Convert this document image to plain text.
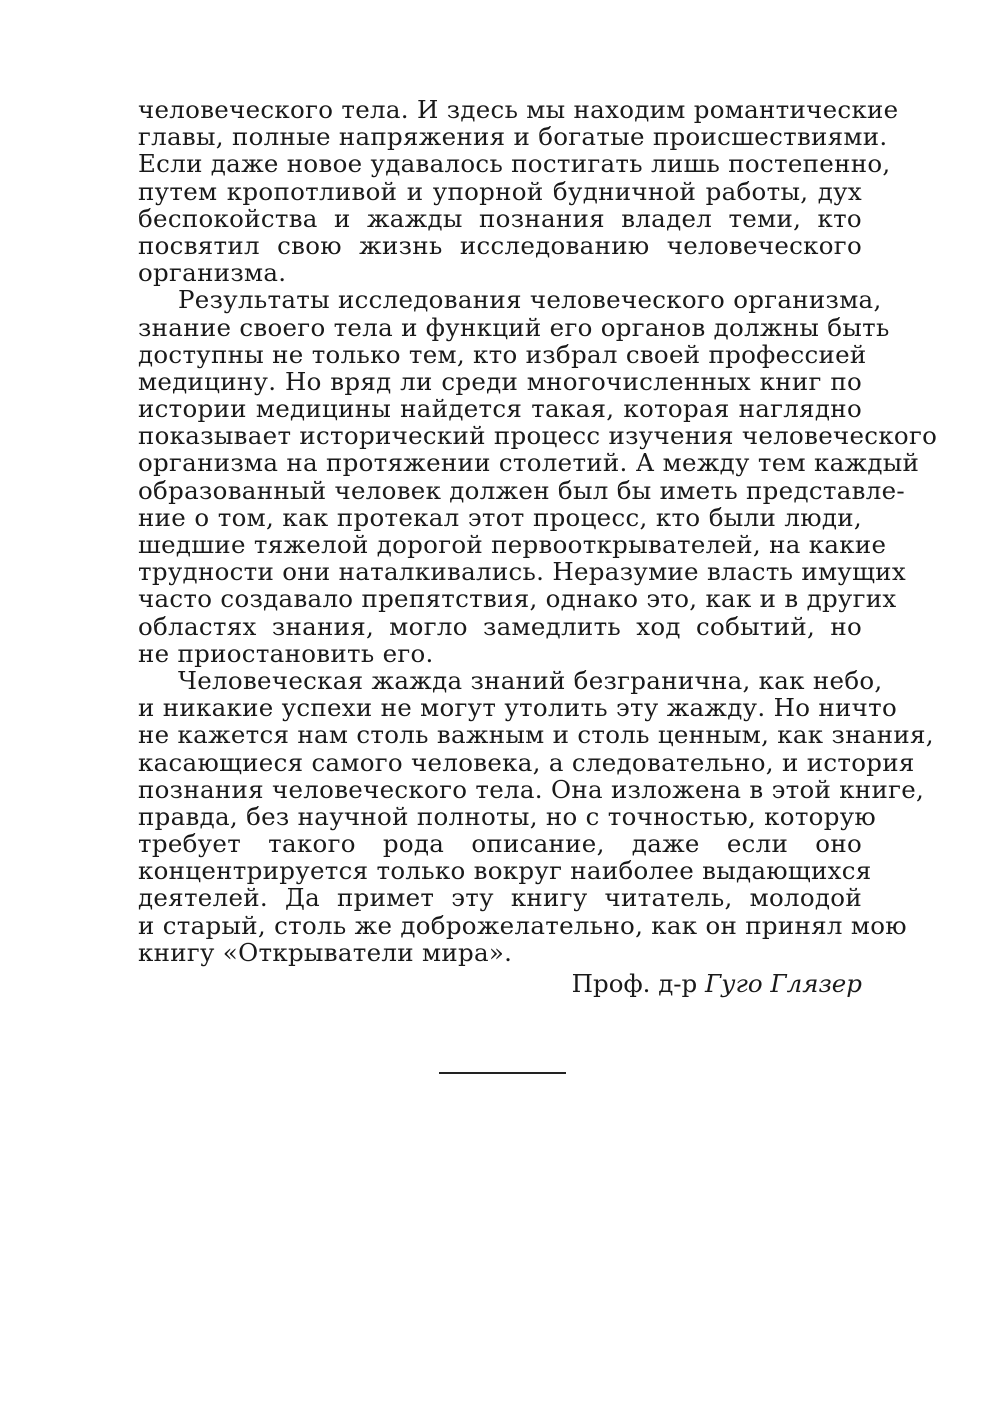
человеческого тела. И здесь мы находим романтические
главы, полные напряжения и богатые происшествиями.
Если даже новое удавалось постигать лишь постепенно,
путем кропотливой и упорной будничной работы, дух
беспокойства и жажды познания владел теми, кто
посвятил свою жизнь исследованию человеческого
организма.
Результаты исследования человеческого организма,
знание своего тела и функций его органов должны быть
доступны не только тем, кто избрал своей профессией
медицину. Но вряд ли среди многочисленных книг по
истории медицины найдется такая, которая наглядно
показывает исторический процесс изучения человеческого
организма на протяжении столетий. А между тем каждый
образованный человек должен был бы иметь представле-
ние о том, как протекал этот процесс, кто были люди,
шедшие тяжелой дорогой первооткрывателей, на какие
трудности они наталкивались. Неразумие власть имущих
часто создавало препятствия, однако это, как и в других
областях знания, могло замедлить ход событий, но
не приостановить его.
Человеческая жажда знаний безгранична, как небо,
и никакие успехи не могут утолить эту жажду. Но ничто
не кажется нам столь важным и столь ценным, как знания,
касающиеся самого человека, а следовательно, и история
познания человеческого тела. Она изложена в этой книге,
правда, без научной полноты, но с точностью, которую
требует такого рода описание, даже если оно
концентрируется только вокруг наиболее выдающихся
деятелей. Да примет эту книгу читатель, молодой
и старый, столь же доброжелательно, как он принял мою
книгу «Открыватели мира».
Проф. д-р Гуго Глязер
